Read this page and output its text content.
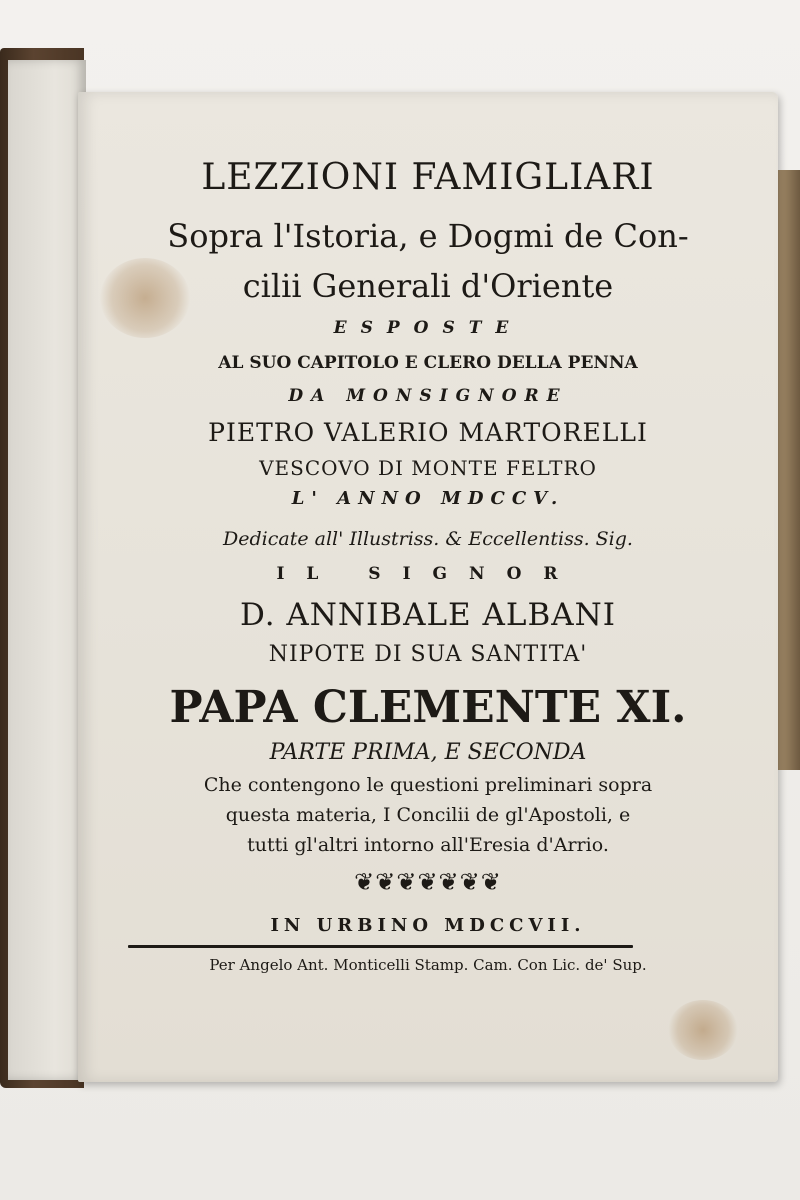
LEZZIONI FAMIGLIARI
Sopra l'Istoria, e Dogmi de Con-
cilii Generali d'Oriente
ESPOSTE
AL SUO CAPITOLO E CLERO DELLA PENNA
DA MONSIGNORE
PIETRO VALERIO MARTORELLI
VESCOVO DI MONTE FELTRO
L' ANNO MDCCV.
Dedicate all' Illustriss. & Eccellentiss. Sig.
IL SIGNOR
D. ANNIBALE ALBANI
NIPOTE DI SUA SANTITA'
PAPA CLEMENTE XI.
PARTE PRIMA, E SECONDA
Che contengono le questioni preliminari sopra
questa materia, I Concilii de gl'Apostoli, e
tutti gl'altri intorno all'Eresia d'Arrio.
❦❦❦❦❦❦❦
IN URBINO MDCCVII.
Per Angelo Ant. Monticelli Stamp. Cam. Con Lic. de' Sup.
